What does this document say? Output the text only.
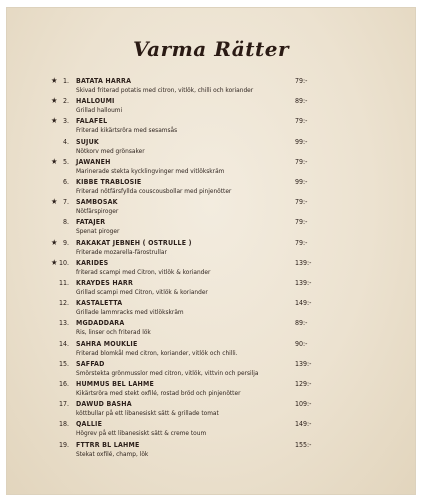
Varma Rätter
★ 1. BATATA HARRA
Skivad friterad potatis med citron, vitlök, chilli och koriander
79:-
★ 2. HALLOUMI
Grillad halloumi
89:-
★ 3. FALAFEL
Friterad kikärtsröra med sesamsås
79:-
4. SUJUK
Nötkorv med grönsaker
99:-
★ 5. JAWANEH
Marinerade stekta kycklingvinger med vitlökskräm
79:-
6. KIBBE TRABLOSIE
Friterad nötfärsfyllda couscousbollar med pinjenötter
99:-
★ 7. SAMBOSAK
Nötfärspiroger
79:-
8. FATAJER
Spenat piroger
79:-
★ 9. RAKAKAT JEBNEH ( OSTRULLE )
Friterade mozarella-färostrullar
79:-
★ 10. KARIDES
friterad scampi med Citron, vitlök & koriander
139:-
11. KRAYDES HARR
Grillad scampi med Citron, vitlök & koriander
139:-
12. KASTALETTA
Grillade lammracks med vitlökskräm
149:-
13. MGDADDARA
Ris, linser och friterad lök
89:-
14. SAHRA MOUKLIE
Friterad blomkål med citron, koriander, vitlök och chilli.
90:-
15. SAFFAD
Smörstekta grönmusslor med citron, vitlök, vittvin och persilja
139:-
16. HUMMUS BEL LAHME
Kikärtsröra med stekt oxfilé, rostad bröd och pinjenötter
129:-
17. DAWUD BASHA
köttbullar på ett libanesiskt sätt & grillade tomat
109:-
18. QALLIE
Högrev på ett libanesiskt sätt & creme toum
149:-
19. FTTRR BL LAHME
Stekat oxfilé, champ, lök
155:-
